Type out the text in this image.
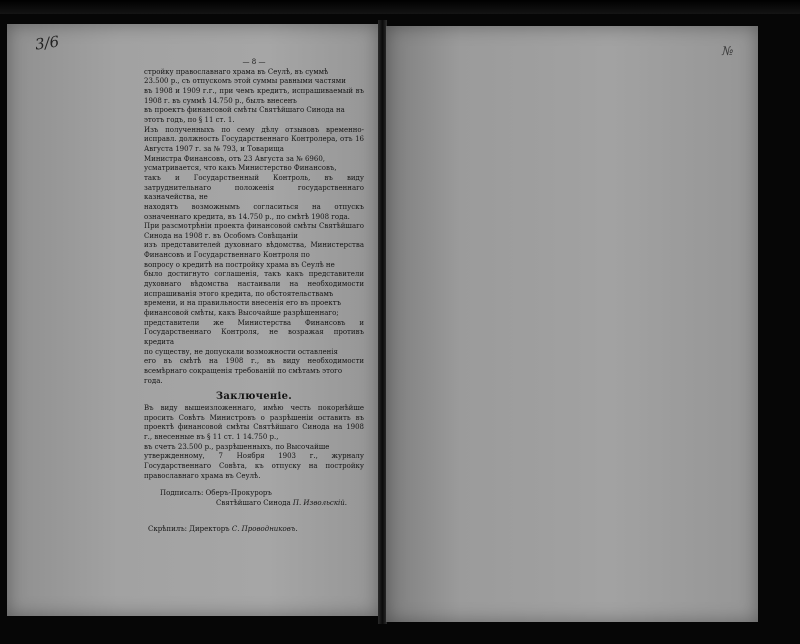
3/6	№
— 8 —

стройку православнаго храма въ Сеулѣ, въ суммѣ
23.500 р., съ отпускомъ этой суммы равными частями
въ 1908 и 1909 г.г., при чемъ кредитъ, испрашиваемый въ 1908 г. въ суммѣ 14.750 р., былъ внесенъ
въ проектъ финансовой смѣты Святѣйшаго Синода на
этотъ годъ, по § 11 ст. 1.

Изъ полученныхъ по сему дѣлу отзывовъ временно-исправл. должность Государственнаго Контролера, отъ 16 Августа 1907 г. за № 793, и Товарища
Министра Финансовъ, отъ 23 Августа за № 6960,
усматривается, что какъ Министерство Финансовъ,
такъ и Государственный Контроль, въ виду затруднительнаго положенія государственнаго казначейства, не
находятъ возможнымъ согласиться на отпускъ означеннаго кредита, въ 14.750 р., по смѣтѣ 1908 года.

При разсмотрѣніи проекта финансовой смѣты Святѣйшаго Синода на 1908 г. въ Особомъ Совѣщаніи
изъ представителей духовнаго вѣдомства, Министерства Финансовъ и Государственнаго Контроля по
вопросу о кредитѣ на постройку храма въ Сеулѣ не
было достигнуто соглашенія, такъ какъ представители духовнаго вѣдомства настаивали на необходимости испрашиванія этого кредита, по обстоятельствамъ
времени, и на правильности внесенія его въ проектъ
финансовой смѣты, какъ Высочайше разрѣшеннаго;
представители же Министерства Финансовъ и Государственнаго Контроля, не возражая противъ кредита
по существу, не допускали возможности оставленія
его въ смѣтѣ на 1908 г., въ виду необходимости всемѣрнаго сокращенія требованій по смѣтамъ этого
года.

Заключеніе.

Въ виду вышеизложеннаго, имѣю честь покорнѣйше просить Совѣтъ Министровъ о разрѣшеніи оставить въ проектѣ финансовой смѣты Святѣйшаго Синода на 1908 г., внесенные въ § 11 ст. 1 14.750 р.,
въ счетъ 23.500 р., разрѣшенныхъ, по Высочайше
утвержденному, 7 Ноября 1903 г., журналу Государственнаго Совѣта, къ отпуску на постройку православнаго храма въ Сеулѣ.

Подписалъ: Оберъ-Прокуроръ

Святѣйшаго Синода П. Извольскій.

Скрѣпилъ: Директоръ С. Проводниковъ.
